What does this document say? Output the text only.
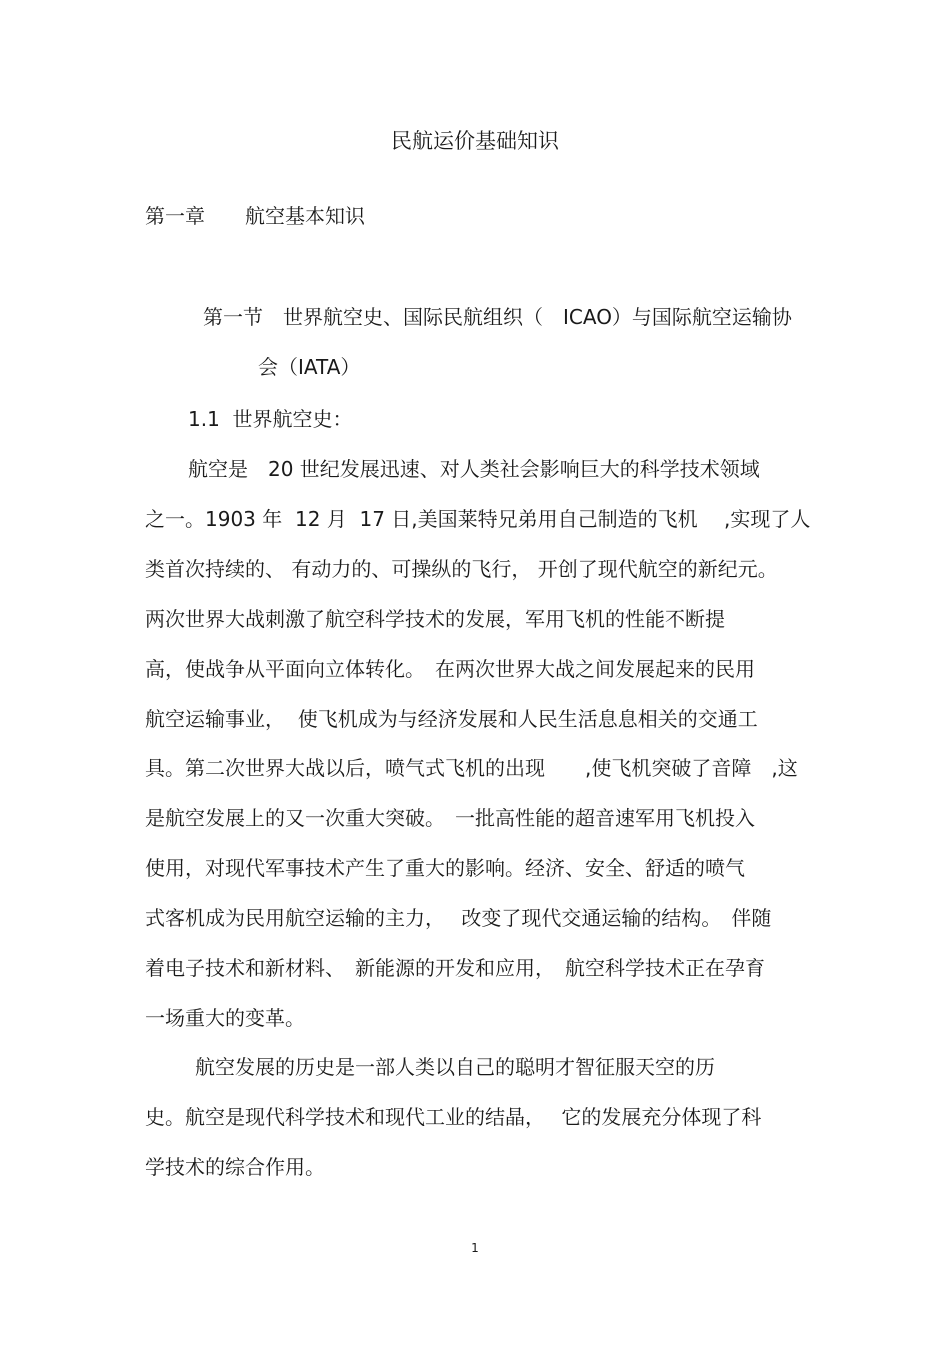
民航运价基础知识
第一章　　航空基本知识
第一节　世界航空史、国际民航组织（　ICAO）与国际航空运输协
会（IATA）
1.1  世界航空史：
航空是　20 世纪发展迅速、对人类社会影响巨大的科学技术领域
之一。1903 年  12 月  17 日,美国莱特兄弟用自己制造的飞机　 ,实现了人
类首次持续的、 有动力的、可操纵的飞行， 开创了现代航空的新纪元。
两次世界大战刺激了航空科学技术的发展，军用飞机的性能不断提
高，使战争从平面向立体转化。　在两次世界大战之间发展起来的民用
航空运输事业，  使飞机成为与经济发展和人民生活息息相关的交通工
具。第二次世界大战以后，喷气式飞机的出现　　,使飞机突破了音障　,这
是航空发展上的又一次重大突破。　一批高性能的超音速军用飞机投入
使用，对现代军事技术产生了重大的影响。经济、安全、舒适的喷气
式客机成为民用航空运输的主力，　 改变了现代交通运输的结构。　伴随
着电子技术和新材料、　新能源的开发和应用，　航空科学技术正在孕育
一场重大的变革。
航空发展的历史是一部人类以自己的聪明才智征服天空的历
史。航空是现代科学技术和现代工业的结晶，　 它的发展充分体现了科
学技术的综合作用。
1
